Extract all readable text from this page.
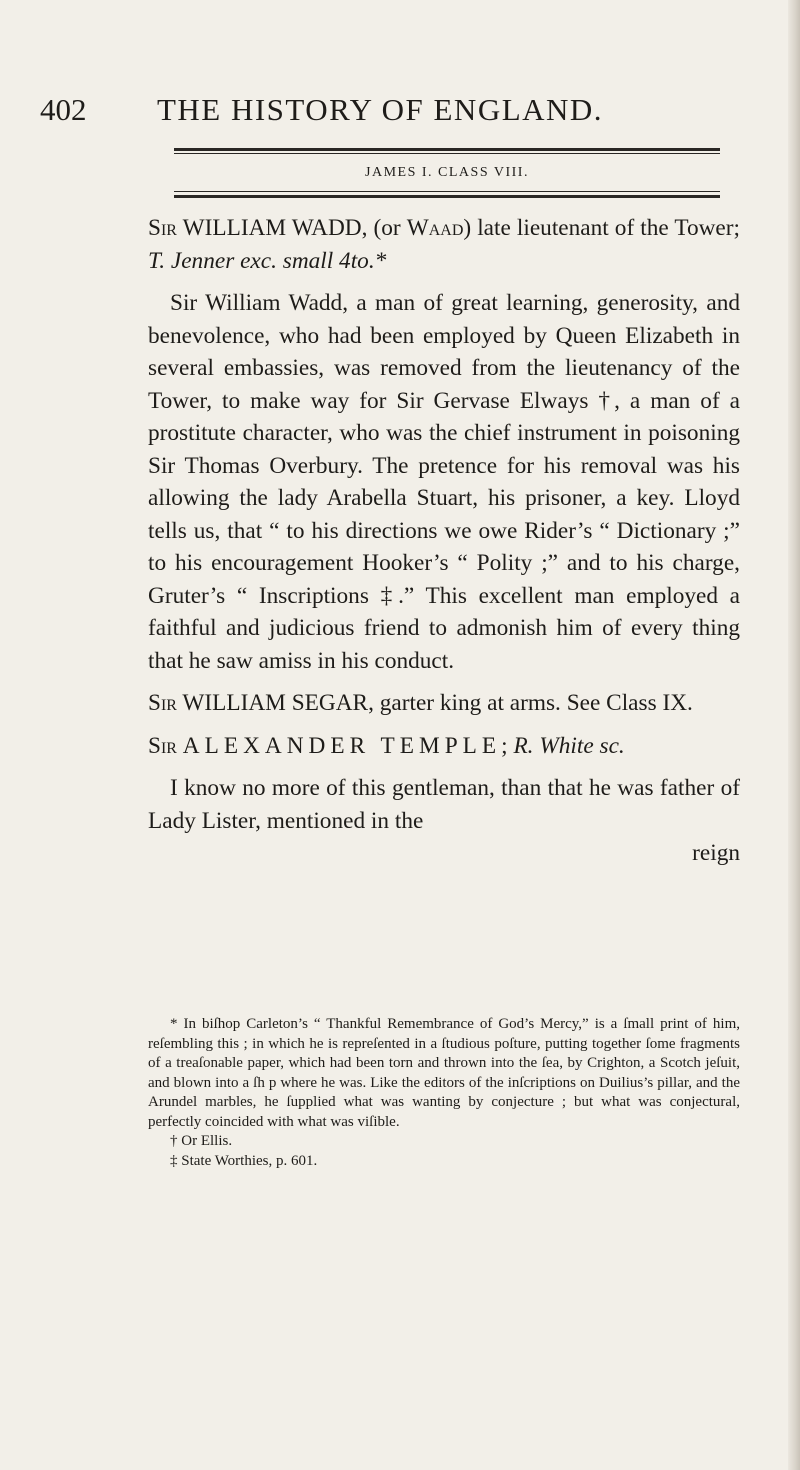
402	THE HISTORY OF ENGLAND.
JAMES I. CLASS VIII.

Sir WILLIAM WADD, (or Waad) late lieutenant of the Tower; T. Jenner exc. small 4to.*

Sir William Wadd, a man of great learning, generosity, and benevolence, who had been employed by Queen Elizabeth in several embassies, was removed from the lieutenancy of the Tower, to make way for Sir Gervase Elways †, a man of a prostitute character, who was the chief instrument in poisoning Sir Thomas Overbury. The pretence for his removal was his allowing the lady Arabella Stuart, his prisoner, a key. Lloyd tells us, that “ to his directions we owe Rider’s “ Dictionary ;” to his encouragement Hooker’s “ Polity ;” and to his charge, Gruter’s “ Inscriptions ‡.” This excellent man employed a faithful and judicious friend to admonish him of every thing that he saw amiss in his conduct.

Sir WILLIAM SEGAR, garter king at arms. See Class IX.

Sir ALEXANDER TEMPLE; R. White sc.

I know no more of this gentleman, than that he was father of Lady Lister, mentioned in the

reign

* In biſhop Carleton’s “ Thankful Remembrance of God’s Mercy,” is a ſmall print of him, reſembling this ; in which he is repreſented in a ſtudious poſture, putting together ſome fragments of a treaſonable paper, which had been torn and thrown into the ſea, by Crighton, a Scotch jeſuit, and blown into a ſh p where he was. Like the editors of the inſcriptions on Duilius’s pillar, and the Arundel marbles, he ſupplied what was wanting by conjecture ; but what was conjectural, perfectly coincided with what was viſible.

† Or Ellis.

‡ State Worthies, p. 601.
